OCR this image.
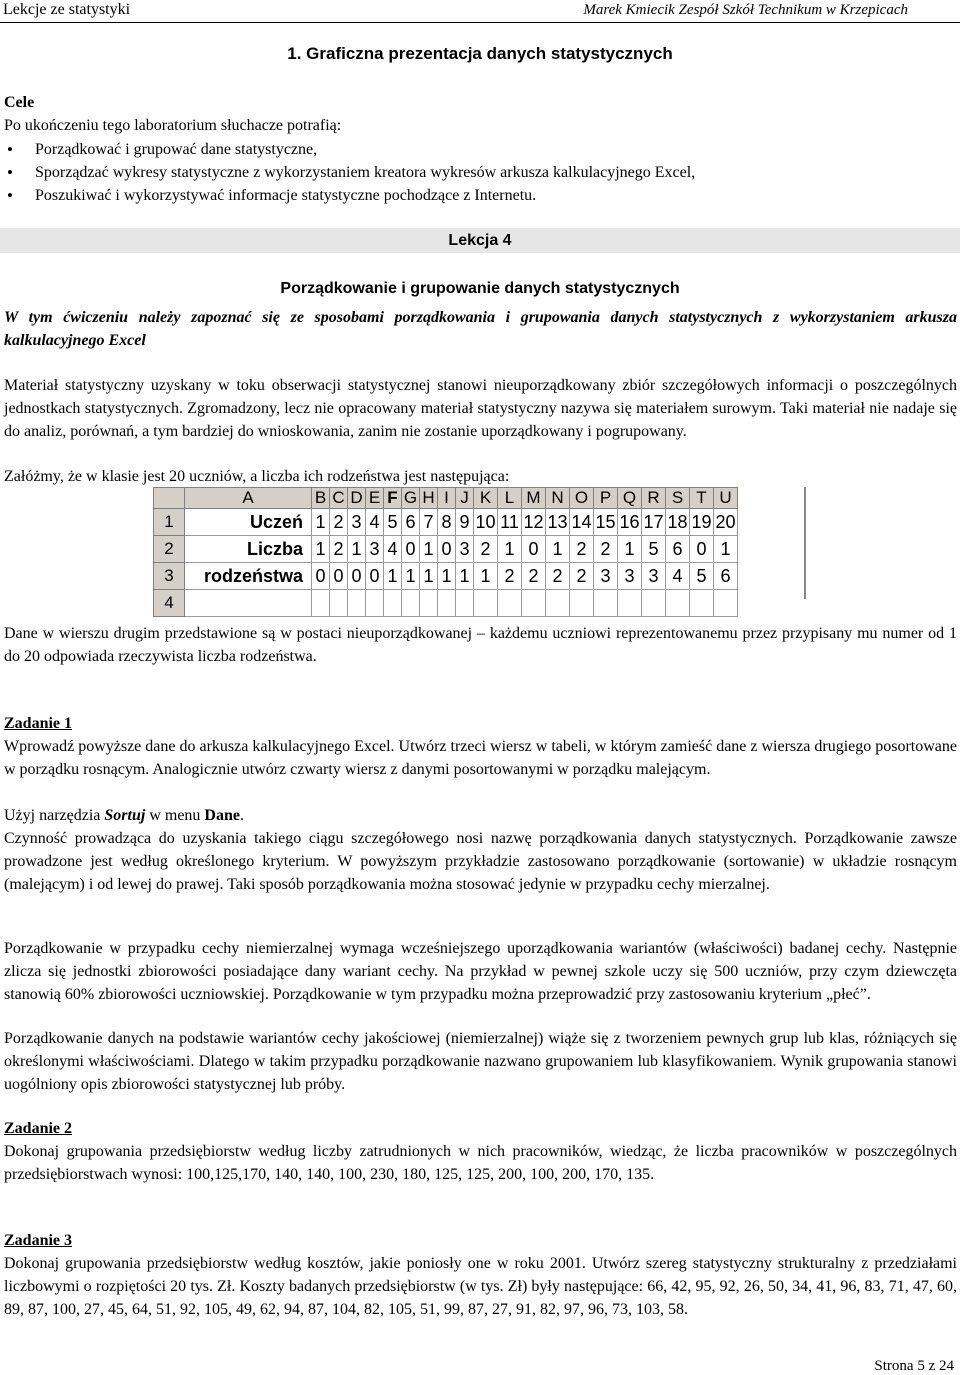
Lekcje ze statystyki	Marek Kmiecik Zespół Szkół Technikum w Krzepicach
1. Graficzna prezentacja danych statystycznych
Cele
Po ukończeniu tego laboratorium słuchacze potrafią:
• Porządkować i grupować dane statystyczne,
• Sporządzać wykresy statystyczne z wykorzystaniem kreatora wykresów arkusza kalkulacyjnego Excel,
• Poszukiwać i wykorzystywać informacje statystyczne pochodzące z Internetu.
Lekcja 4
Porządkowanie i grupowanie danych statystycznych
W tym ćwiczeniu należy zapoznać się ze sposobami porządkowania i grupowania danych statystycznych z wykorzystaniem arkusza kalkulacyjnego Excel
Materiał statystyczny uzyskany w toku obserwacji statystycznej stanowi nieuporządkowany zbiór szczegółowych informacji o poszczególnych jednostkach statystycznych. Zgromadzony, lecz nie opracowany materiał statystyczny nazywa się materiałem surowym. Taki materiał nie nadaje się do analiz, porównań, a tym bardziej do wnioskowania, zanim nie zostanie uporządkowany i pogrupowany.
Załóżmy, że w klasie jest 20 uczniów, a liczba ich rodzeństwa jest następująca:
	A	B	C	D	E	F	G	H	I	J	K	L	M	N	O	P	Q	R	S	T	U
1	Uczeń	1	2	3	4	5	6	7	8	9	10	11	12	13	14	15	16	17	18	19	20
2	Liczba	1	2	1	3	4	0	1	0	3	2	1	0	1	2	2	1	5	6	0	1
3	rodzeństwa	0	0	0	0	1	1	1	1	1	1	2	2	2	2	3	3	3	4	5	6
4																					
Dane w wierszu drugim przedstawione są w postaci nieuporządkowanej – każdemu uczniowi reprezentowanemu przez przypisany mu numer od 1 do 20 odpowiada rzeczywista liczba rodzeństwa.
Zadanie 1
Wprowadź powyższe dane do arkusza kalkulacyjnego Excel. Utwórz trzeci wiersz w tabeli, w którym zamieść dane z wiersza drugiego posortowane w porządku rosnącym. Analogicznie utwórz czwarty wiersz z danymi posortowanymi w porządku malejącym.
Użyj narzędzia Sortuj w menu Dane.
Czynność prowadząca do uzyskania takiego ciągu szczegółowego nosi nazwę porządkowania danych statystycznych. Porządkowanie zawsze prowadzone jest według określonego kryterium. W powyższym przykładzie zastosowano porządkowanie (sortowanie) w układzie rosnącym (malejącym) i od lewej do prawej. Taki sposób porządkowania można stosować jedynie w przypadku cechy mierzalnej.
Porządkowanie w przypadku cechy niemierzalnej wymaga wcześniejszego uporządkowania wariantów (właściwości) badanej cechy. Następnie zlicza się jednostki zbiorowości posiadające dany wariant cechy. Na przykład w pewnej szkole uczy się 500 uczniów, przy czym dziewczęta stanowią 60% zbiorowości uczniowskiej. Porządkowanie w tym przypadku można przeprowadzić przy zastosowaniu kryterium „płeć”.
Porządkowanie danych na podstawie wariantów cechy jakościowej (niemierzalnej) wiąże się z tworzeniem pewnych grup lub klas, różniących się określonymi właściwościami. Dlatego w takim przypadku porządkowanie nazwano grupowaniem lub klasyfikowaniem. Wynik grupowania stanowi uogólniony opis zbiorowości statystycznej lub próby.
Zadanie 2
Dokonaj grupowania przedsiębiorstw według liczby zatrudnionych w nich pracowników, wiedząc, że liczba pracowników w poszczególnych przedsiębiorstwach wynosi: 100,125,170, 140, 140, 100, 230, 180, 125, 125, 200, 100, 200, 170, 135.
Zadanie 3
Dokonaj grupowania przedsiębiorstw według kosztów, jakie poniosły one w roku 2001. Utwórz szereg statystyczny strukturalny z przedziałami liczbowymi o rozpiętości 20 tys. Zł. Koszty badanych przedsiębiorstw (w tys. Zł) były następujące: 66, 42, 95, 92, 26, 50, 34, 41, 96, 83, 71, 47, 60, 89, 87, 100, 27, 45, 64, 51, 92, 105, 49, 62, 94, 87, 104, 82, 105, 51, 99, 87, 27, 91, 82, 97, 96, 73, 103, 58.
Strona 5 z 24
